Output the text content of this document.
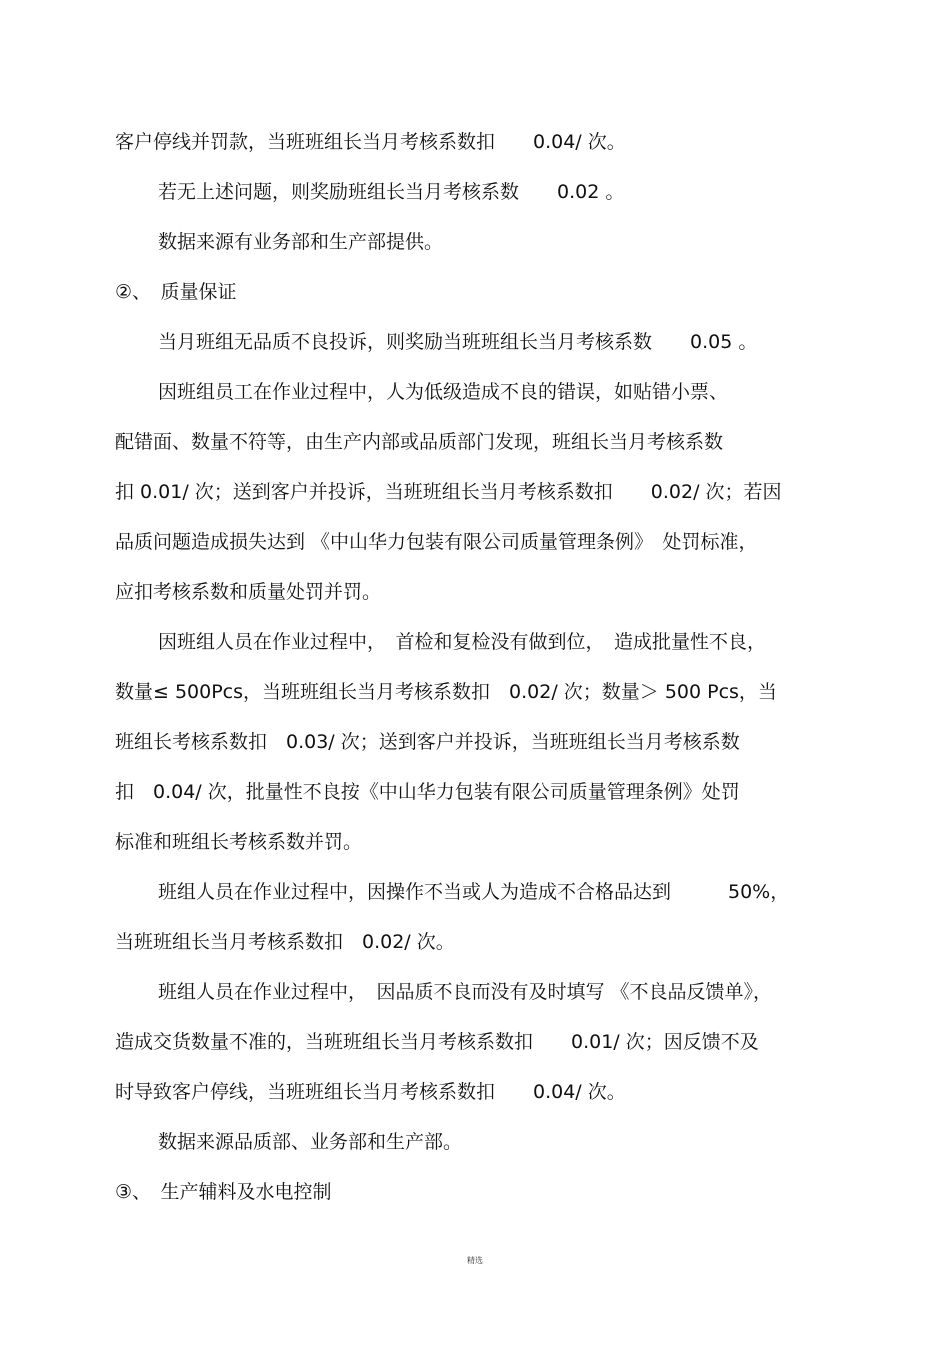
客户停线并罚款，当班班组长当月考核系数扣　　0.04/ 次。
若无上述问题，则奖励班组长当月考核系数　　0.02 。
数据来源有业务部和生产部提供。
②、　质量保证
当月班组无品质不良投诉，则奖励当班班组长当月考核系数　　0.05 。
因班组员工在作业过程中，人为低级造成不良的错误，如贴错小票、
配错面、数量不符等，由生产内部或品质部门发现，班组长当月考核系数
扣 0.01/ 次；送到客户并投诉，当班班组长当月考核系数扣　　0.02/ 次；若因
品质问题造成损失达到 《中山华力包装有限公司质量管理条例》　处罚标准，
应扣考核系数和质量处罚并罚。
因班组人员在作业过程中，　首检和复检没有做到位，　造成批量性不良，
数量≤ 500Pcs，当班班组长当月考核系数扣　0.02/ 次；数量＞ 500 Pcs，当
班组长考核系数扣　0.03/ 次；送到客户并投诉，当班班组长当月考核系数
扣　0.04/ 次，批量性不良按《中山华力包装有限公司质量管理条例》处罚
标准和班组长考核系数并罚。
班组人员在作业过程中，因操作不当或人为造成不合格品达到　　　50%，
当班班组长当月考核系数扣　0.02/ 次。
班组人员在作业过程中，　因品质不良而没有及时填写 《不良品反馈单》，
造成交货数量不准的，当班班组长当月考核系数扣　　0.01/ 次；因反馈不及
时导致客户停线，当班班组长当月考核系数扣　　0.04/ 次。
数据来源品质部、业务部和生产部。
③、　生产辅料及水电控制
精选
